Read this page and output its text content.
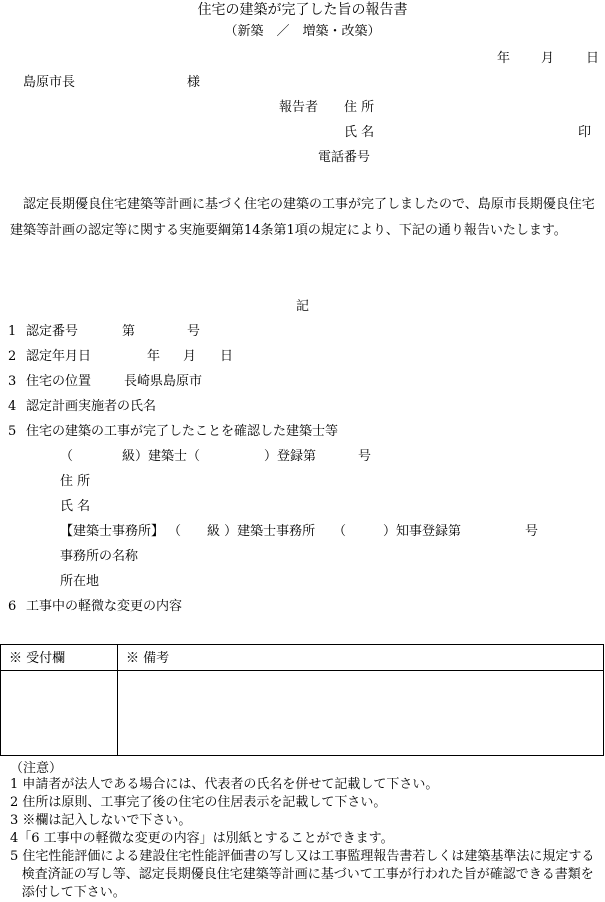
住宅の建築が完了した旨の報告書
（新築　／　増築・改築）
年 月 日
島原市長	様
報告者 住 所
氏 名	印
電話番号
認定長期優良住宅建築等計画に基づく住宅の建築の工事が完了しましたので、島原市長期優良住宅建築等計画の認定等に関する実施要綱第14条第1項の規定により、下記の通り報告いたします。
記
1 認定番号	第	号
2 認定年月日	年 月 日
3 住宅の位置	長崎県島原市
4 認定計画実施者の氏名
5 住宅の建築の工事が完了したことを確認した建築士等
（	級）建築士（	）登録第	号
住 所
氏 名
【建築士事務所】 （ 級 ）建築士事務所 （	）知事登録第	号
事務所の名称
所在地
6 工事中の軽微な変更の内容
※ 受付欄	※ 備考

（注意）
1 申請者が法人である場合には、代表者の氏名を併せて記載して下さい。
2 住所は原則、工事完了後の住宅の住居表示を記載して下さい。
3 ※欄は記入しないで下さい。
4「6 工事中の軽微な変更の内容」は別紙とすることができます。
5 住宅性能評価による建設住宅性能評価書の写し又は工事監理報告書若しくは建築基準法に規定する検査済証の写し等、認定長期優良住宅建築等計画に基づいて工事が行われた旨が確認できる書類を添付して下さい。
